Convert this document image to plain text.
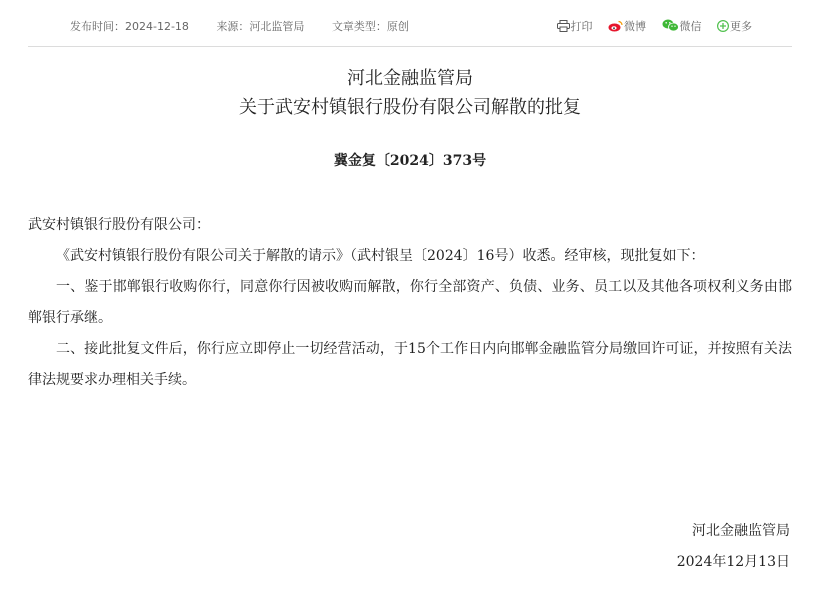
发布时间：2024-12-18	来源：河北监管局	文章类型：原创	打印	微博	微信	更多
河北金融监管局
关于武安村镇银行股份有限公司解散的批复
冀金复〔2024〕373号

武安村镇银行股份有限公司：

《武安村镇银行股份有限公司关于解散的请示》（武村银呈〔2024〕16号）收悉。经审核，现批复如下：

一、鉴于邯郸银行收购你行，同意你行因被收购而解散，你行全部资产、负债、业务、员工以及其他各项权利义务由邯郸银行承继。

二、接此批复文件后，你行应立即停止一切经营活动，于15个工作日内向邯郸金融监管分局缴回许可证，并按照有关法律法规要求办理相关手续。

河北金融监管局
2024年12月13日
